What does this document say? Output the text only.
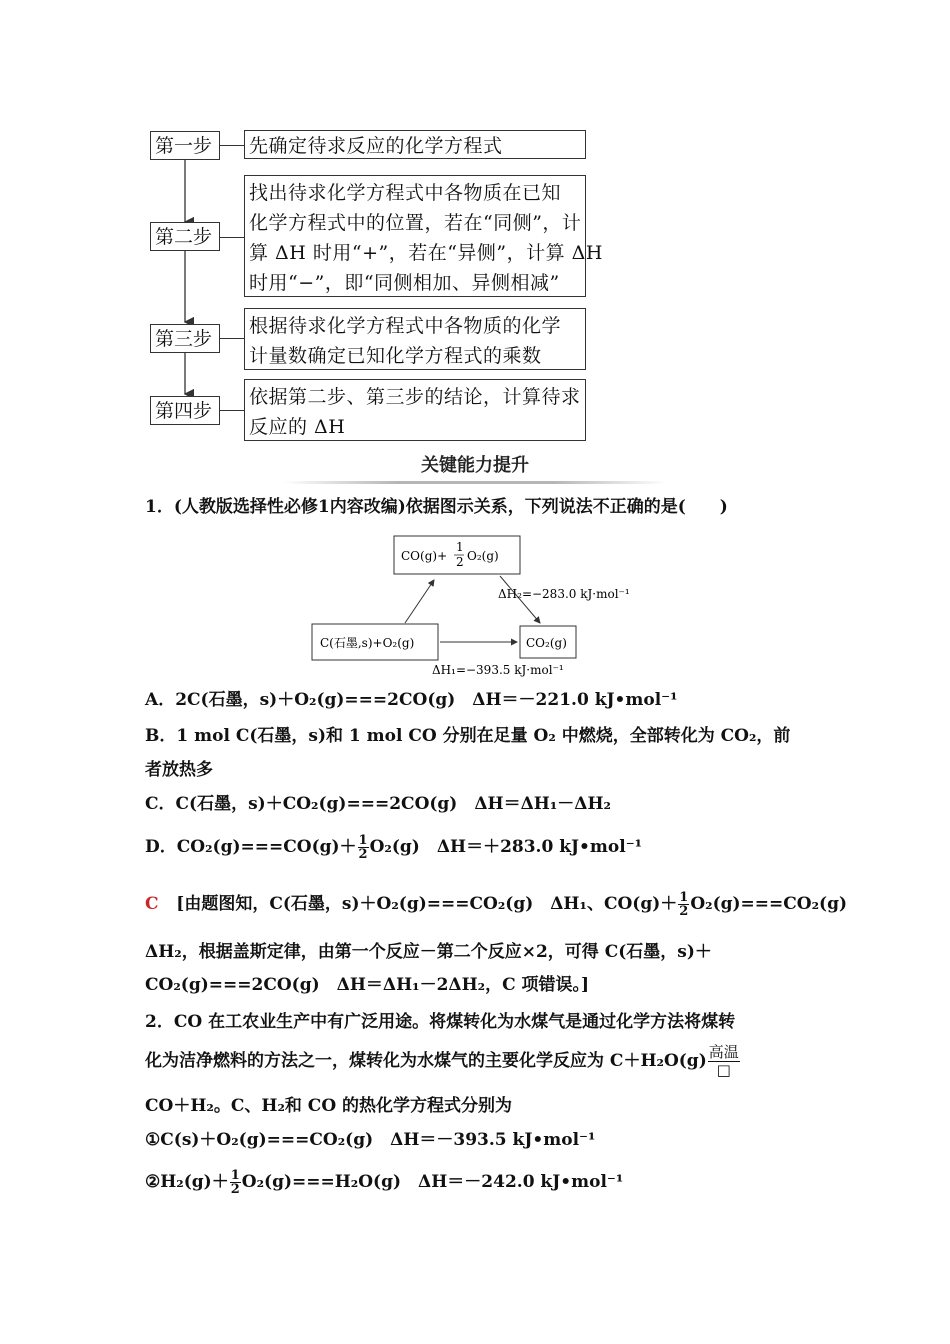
第一步	先确定待求反应的化学方程式
第二步
找出待求化学方程式中各物质在已知
化学方程式中的位置，若在“同侧”，计
算 ΔH 时用“+”，若在“异侧”，计算 ΔH
时用“−”，即“同侧相加、异侧相减”
第三步
根据待求化学方程式中各物质的化学
计量数确定已知化学方程式的乘数
第四步
依据第二步、第三步的结论，计算待求
反应的 ΔH
关键能力提升
1．(人教版选择性必修1内容改编)依据图示关系，下列说法不正确的是(　　)
CO(g)+
1
2 O₂(g)
C(石墨,s)+O₂(g)	CO₂(g)
ΔH₂=−283.0 kJ·mol⁻¹
ΔH₁=−393.5 kJ·mol⁻¹
A．2C(石墨，s)＋O₂(g)===2CO(g)　ΔH＝－221.0 kJ•mol⁻¹
B．1 mol C(石墨，s)和 1 mol CO 分别在足量 O₂ 中燃烧，全部转化为 CO₂，前
者放热多
C．C(石墨，s)＋CO₂(g)===2CO(g)　ΔH＝ΔH₁－ΔH₂
D．$CO_2(g)===CO(g)+ \frac{1}{2} O_2(g)$　ΔH＝＋283.0 kJ•mol⁻¹
C [由题图知，C(石墨，s)＋O₂(g)===CO₂(g)　ΔH₁、$CO(g)+ \frac{1}{2} O_2(g)===CO_2(g)$
ΔH₂，根据盖斯定律，由第一个反应－第二个反应×2，可得 C(石墨，s)＋
CO₂(g)===2CO(g)　ΔH＝ΔH₁－2ΔH₂，C 项错误。]
2．CO 在工农业生产中有广泛用途。将煤转化为水煤气是通过化学方法将煤转
化为洁净燃料的方法之一，煤转化为水煤气的主要化学反应为 $C+H_2O(g) \frac{\text{高温}}{□}$
CO＋H₂。C、H₂和 CO 的热化学方程式分别为
①C(s)＋O₂(g)===CO₂(g)　ΔH＝－393.5 kJ•mol⁻¹
②H₂(g)＋ $\frac{1}{2} O_2(g)===H_2O(g)$　ΔH＝－242.0 kJ•mol⁻¹
